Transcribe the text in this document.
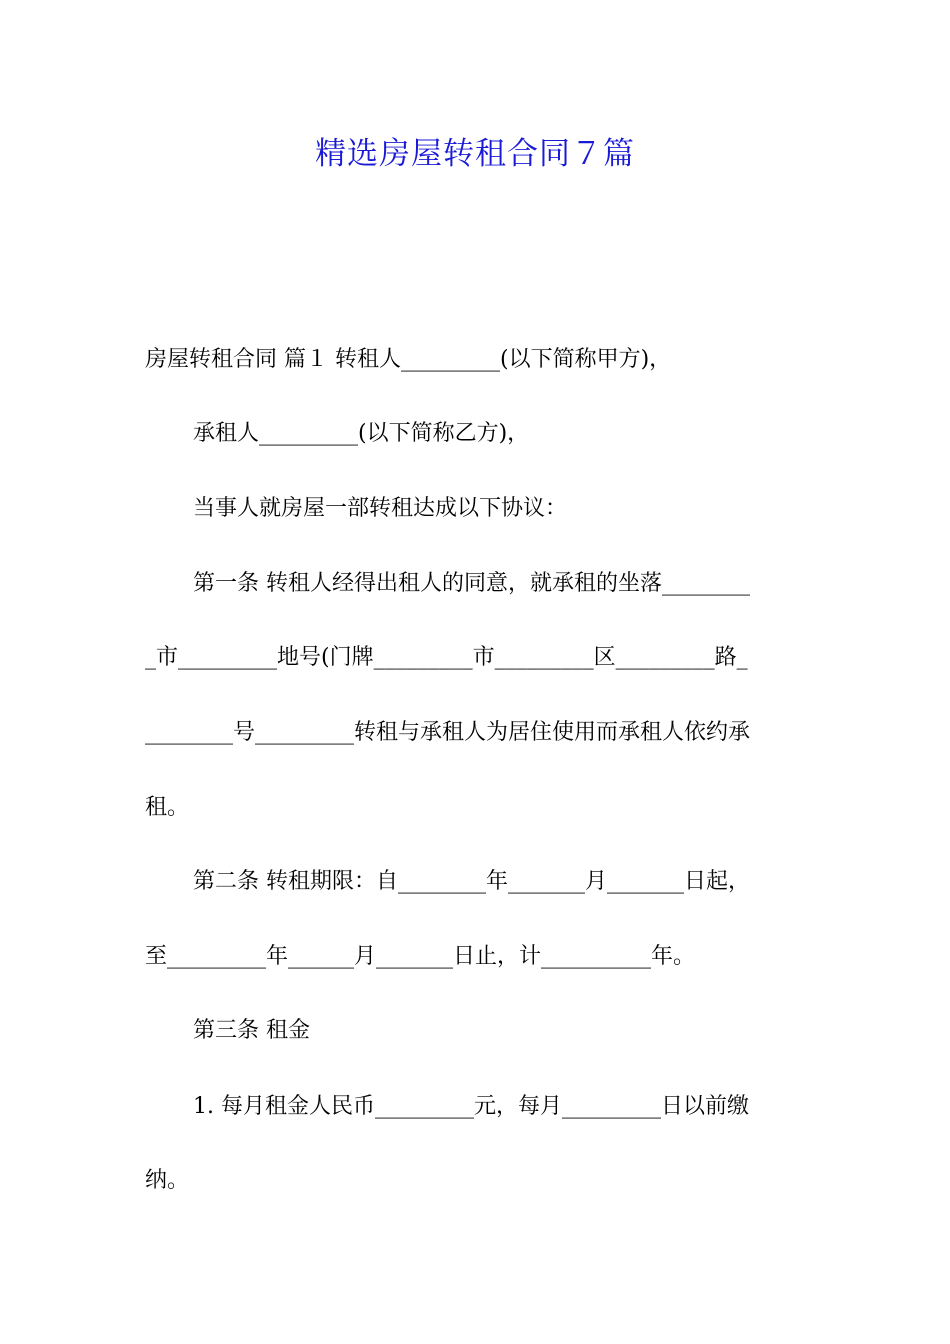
精选房屋转租合同７篇
房屋转租合同 篇１ 转租人_________(以下简称甲方)，
承租人_________(以下简称乙方)，
当事人就房屋一部转租达成以下协议：
第一条 转租人经得出租人的同意，就承租的坐落________
_市_________地号(门牌_________市_________区_________路_
________号_________转租与承租人为居住使用而承租人依约承
租。
第二条 转租期限：自________年_______月_______日起，
至_________年______月_______日止，计__________年。
第三条 租金
1. 每月租金人民币_________元，每月_________日以前缴
纳。
